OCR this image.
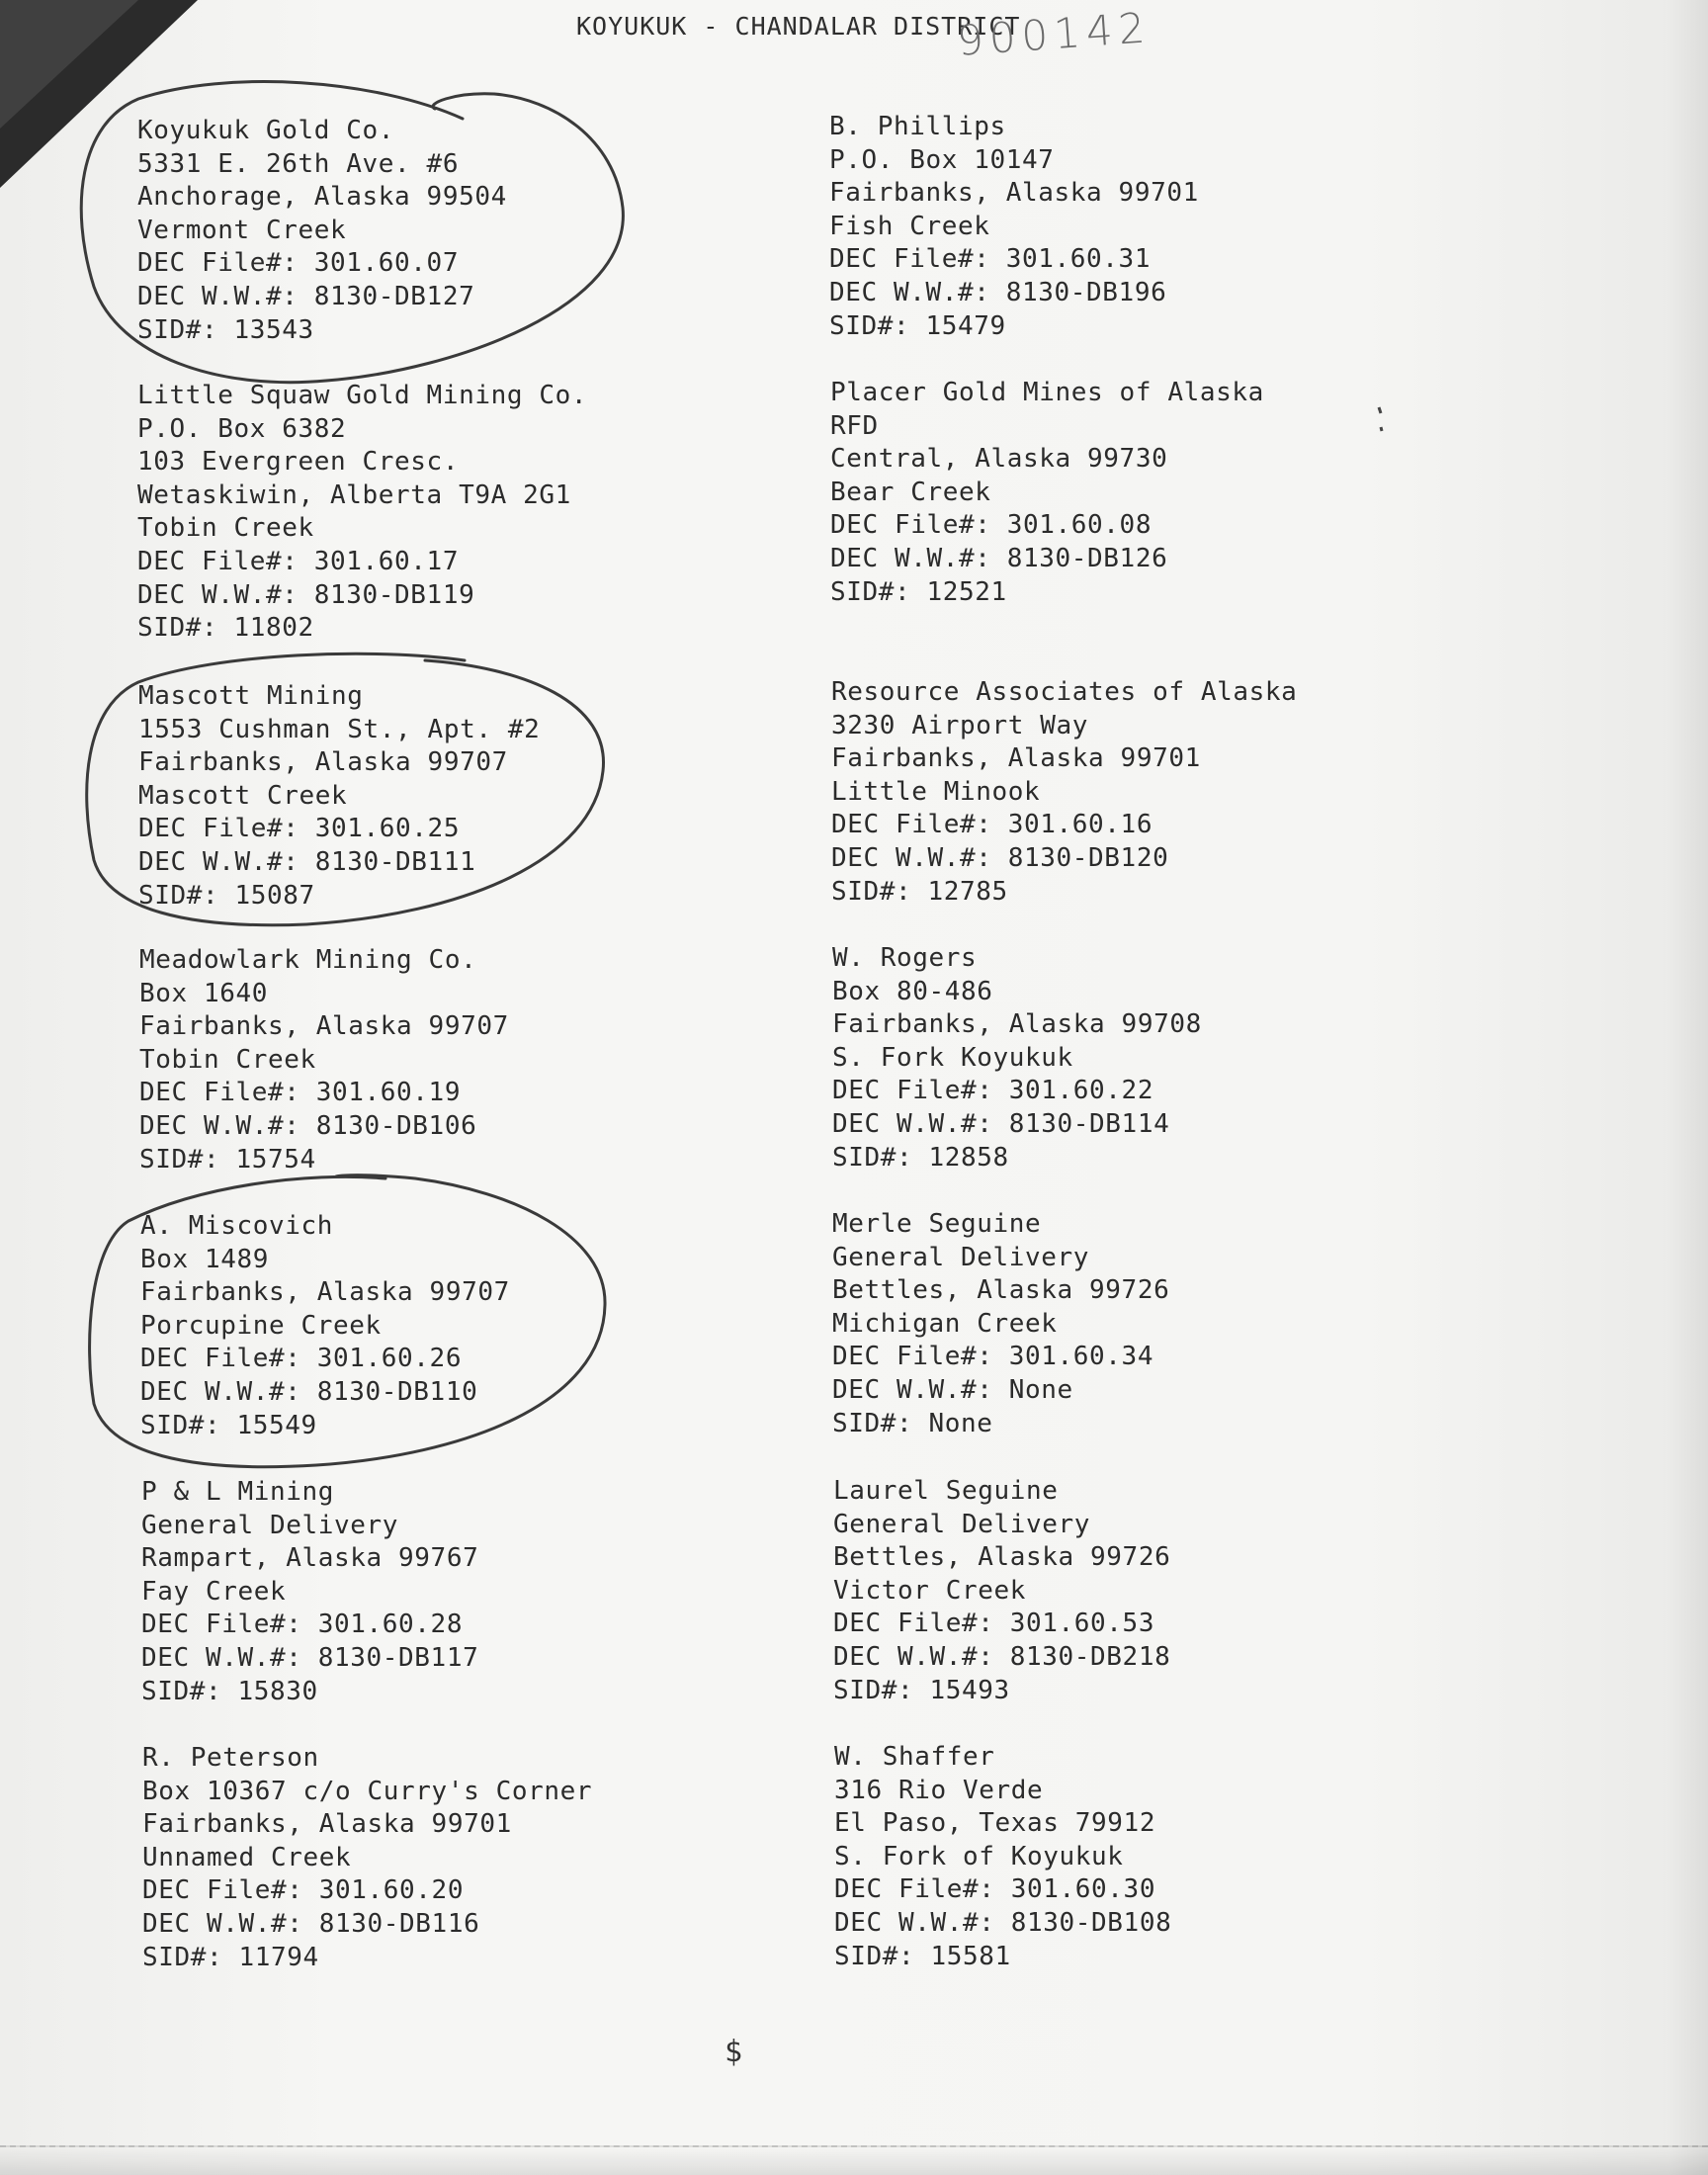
KOYUKUK - CHANDALAR DISTRICT
900142
Koyukuk Gold Co.
5331 E. 26th Ave. #6
Anchorage, Alaska 99504
Vermont Creek
DEC File#: 301.60.07
DEC W.W.#: 8130-DB127
SID#: 13543
Little Squaw Gold Mining Co.
P.O. Box 6382
103 Evergreen Cresc.
Wetaskiwin, Alberta T9A 2G1
Tobin Creek
DEC File#: 301.60.17
DEC W.W.#: 8130-DB119
SID#: 11802
Mascott Mining
1553 Cushman St., Apt. #2
Fairbanks, Alaska 99707
Mascott Creek
DEC File#: 301.60.25
DEC W.W.#: 8130-DB111
SID#: 15087
Meadowlark Mining Co.
Box 1640
Fairbanks, Alaska 99707
Tobin Creek
DEC File#: 301.60.19
DEC W.W.#: 8130-DB106
SID#: 15754
A. Miscovich
Box 1489
Fairbanks, Alaska 99707
Porcupine Creek
DEC File#: 301.60.26
DEC W.W.#: 8130-DB110
SID#: 15549
P & L Mining
General Delivery
Rampart, Alaska 99767
Fay Creek
DEC File#: 301.60.28
DEC W.W.#: 8130-DB117
SID#: 15830
R. Peterson
Box 10367 c/o Curry's Corner
Fairbanks, Alaska 99701
Unnamed Creek
DEC File#: 301.60.20
DEC W.W.#: 8130-DB116
SID#: 11794
B. Phillips
P.O. Box 10147
Fairbanks, Alaska 99701
Fish Creek
DEC File#: 301.60.31
DEC W.W.#: 8130-DB196
SID#: 15479
Placer Gold Mines of Alaska
RFD
Central, Alaska 99730
Bear Creek
DEC File#: 301.60.08
DEC W.W.#: 8130-DB126
SID#: 12521
Resource Associates of Alaska
3230 Airport Way
Fairbanks, Alaska 99701
Little Minook
DEC File#: 301.60.16
DEC W.W.#: 8130-DB120
SID#: 12785
W. Rogers
Box 80-486
Fairbanks, Alaska 99708
S. Fork Koyukuk
DEC File#: 301.60.22
DEC W.W.#: 8130-DB114
SID#: 12858
Merle Seguine
General Delivery
Bettles, Alaska 99726
Michigan Creek
DEC File#: 301.60.34
DEC W.W.#: None
SID#: None
Laurel Seguine
General Delivery
Bettles, Alaska 99726
Victor Creek
DEC File#: 301.60.53
DEC W.W.#: 8130-DB218
SID#: 15493
W. Shaffer
316 Rio Verde
El Paso, Texas 79912
S. Fork of Koyukuk
DEC File#: 301.60.30
DEC W.W.#: 8130-DB108
SID#: 15581
$
